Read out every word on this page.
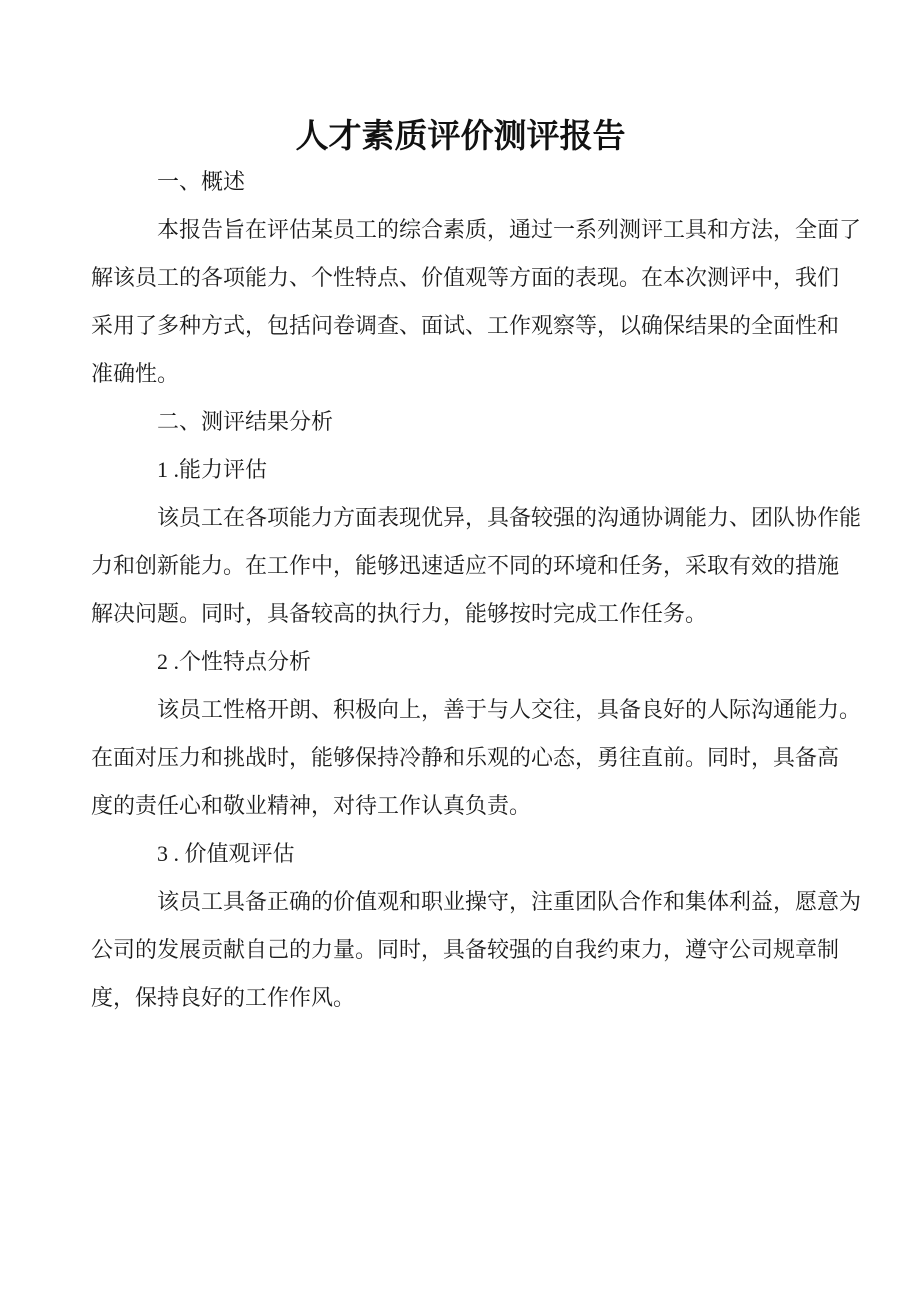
人才素质评价测评报告

一、概述

本报告旨在评估某员工的综合素质，通过一系列测评工具和方法，全面了

解该员工的各项能力、个性特点、价值观等方面的表现。在本次测评中，我们

采用了多种方式，包括问卷调查、面试、工作观察等，以确保结果的全面性和

准确性。

二、测评结果分析

1 .能力评估

该员工在各项能力方面表现优异，具备较强的沟通协调能力、团队协作能

力和创新能力。在工作中，能够迅速适应不同的环境和任务，采取有效的措施

解决问题。同时，具备较高的执行力，能够按时完成工作任务。

2 .个性特点分析

该员工性格开朗、积极向上，善于与人交往，具备良好的人际沟通能力。

在面对压力和挑战时，能够保持冷静和乐观的心态，勇往直前。同时，具备高

度的责任心和敬业精神，对待工作认真负责。

3 . 价值观评估

该员工具备正确的价值观和职业操守，注重团队合作和集体利益，愿意为

公司的发展贡献自己的力量。同时，具备较强的自我约束力，遵守公司规章制

度，保持良好的工作作风。
